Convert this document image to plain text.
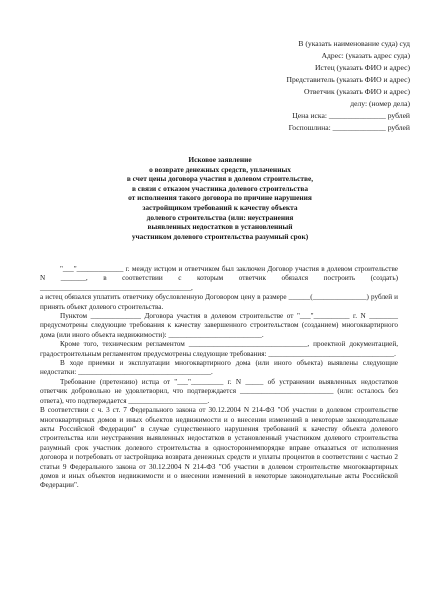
В (указать наименование суда) суд
Адрес: (указать адрес суда)
Истец (указать ФИО и адрес)
Представитель (указать ФИО и адрес)
Ответчик (указать ФИО и адрес)
делу: (номер дела)
Цена иска: _______________ рублей
Госпошлина: ______________ рублей
Исковое заявление
о возврате денежных средств, уплаченных
в счет цены договора участия в долевом строительстве,
в связи с отказом участника долевого строительства
от исполнения такого договора по причине нарушения
застройщиком требований к качеству объекта
долевого строительства (или: неустранения
выявленных недостатков в установленный
участником долевого строительства разумный срок)

"___"_____________ г. между истцом и ответчиком был заключен Договор участия в долевом строительстве N _______, в соответствии с которым ответчик обязался построить (создать) __________________________________________,

а истец обязался уплатить ответчику обусловленную Договором цену в размере ______(_______________) рублей и принять объект долевого строительства.

Пунктом ______________ Договора участия в долевом строительстве от "___"__________ г. N ________ предусмотрены следующие требования к качеству завершенного строительством (созданием) многоквартирного дома (или иного объекта недвижимости): __________________________.

Кроме того, техническим регламентом _________________________________, проектной документацией, градостроительным регламентом предусмотрены следующие требования: ___________________________________.

В ходе приемки и эксплуатации многоквартирного дома (или иного объекта) выявлены следующие недостатки: _____________________________________.

Требование (претензию) истца от "___"_________ г. N _____ об устранении выявленных недостатков ответчик добровольно не удовлетворил, что подтверждается __________________________ (или: осталось без ответа), что подтверждается ______________________.

В соответствии с ч. 3 ст. 7 Федерального закона от 30.12.2004 N 214-ФЗ "Об участии в долевом строительстве многоквартирных домов и иных объектов недвижимости и о внесении изменений в некоторые законодательные акты Российской Федерации" в случае существенного нарушения требований к качеству объекта долевого строительства или неустранения выявленных недостатков в установленный участником долевого строительства разумный срок участник долевого строительства в одностороннемпорядке вправе отказаться от исполнения договора и потребовать от застройщика возврата денежных средств и уплаты процентов в соответствии с частью 2 статьи 9 Федерального закона от 30.12.2004 N 214-ФЗ "Об участии в долевом строительстве многоквартирных домов и иных объектов недвижимости и о внесении изменений в некоторые законодательные акты Российской Федерации".
